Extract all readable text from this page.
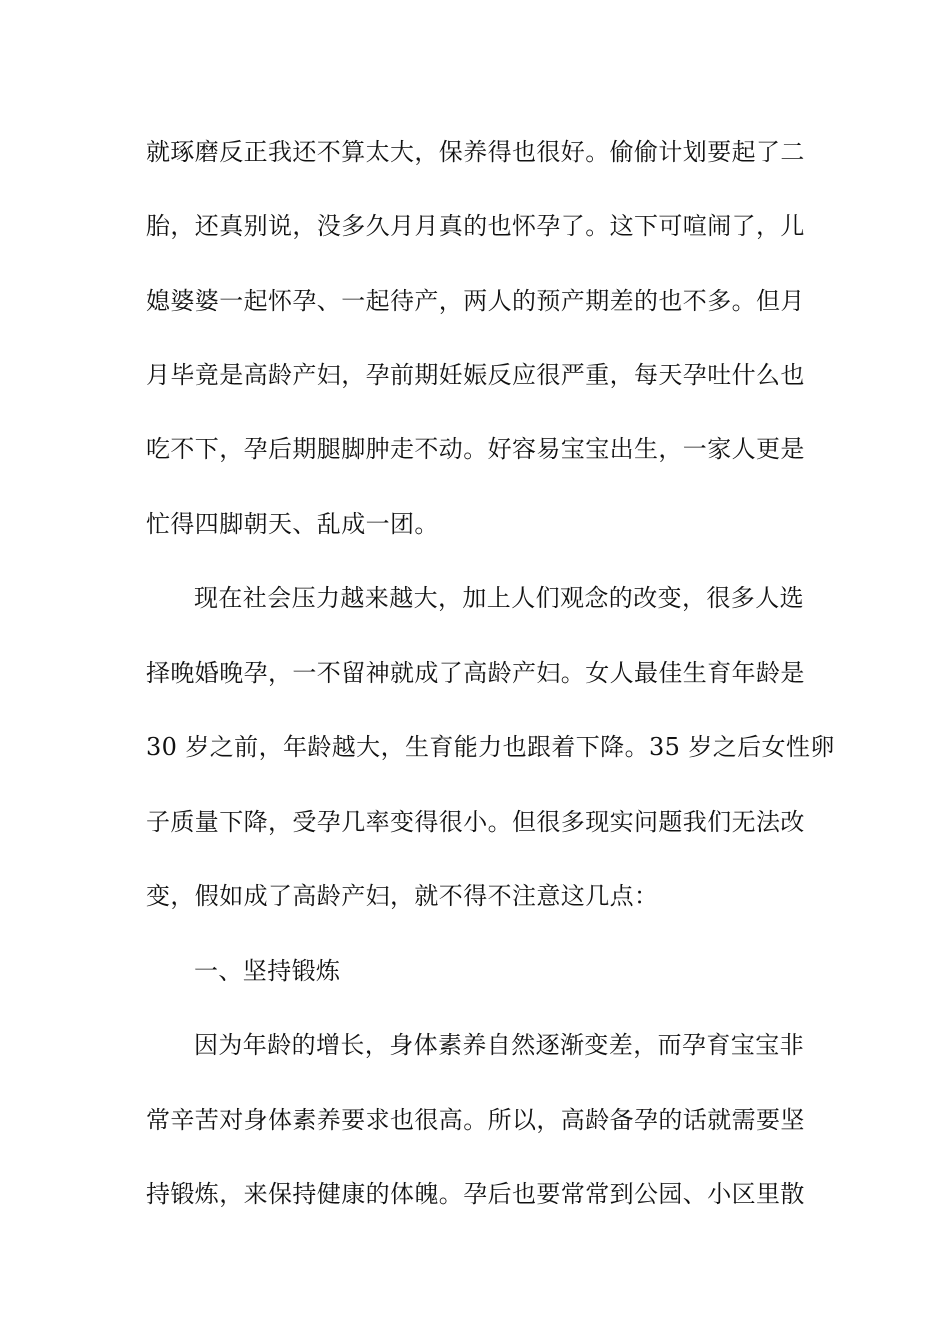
就琢磨反正我还不算太大，保养得也很好。偷偷计划要起了二
胎，还真别说，没多久月月真的也怀孕了。这下可喧闹了，儿
媳婆婆一起怀孕、一起待产，两人的预产期差的也不多。但月
月毕竟是高龄产妇，孕前期妊娠反应很严重，每天孕吐什么也
吃不下，孕后期腿脚肿走不动。好容易宝宝出生，一家人更是
忙得四脚朝天、乱成一团。
现在社会压力越来越大，加上人们观念的改变，很多人选
择晚婚晚孕，一不留神就成了高龄产妇。女人最佳生育年龄是
30 岁之前，年龄越大，生育能力也跟着下降。35 岁之后女性卵
子质量下降，受孕几率变得很小。但很多现实问题我们无法改
变，假如成了高龄产妇，就不得不注意这几点：
一、坚持锻炼
因为年龄的增长，身体素养自然逐渐变差，而孕育宝宝非
常辛苦对身体素养要求也很高。所以，高龄备孕的话就需要坚
持锻炼，来保持健康的体魄。孕后也要常常到公园、小区里散
